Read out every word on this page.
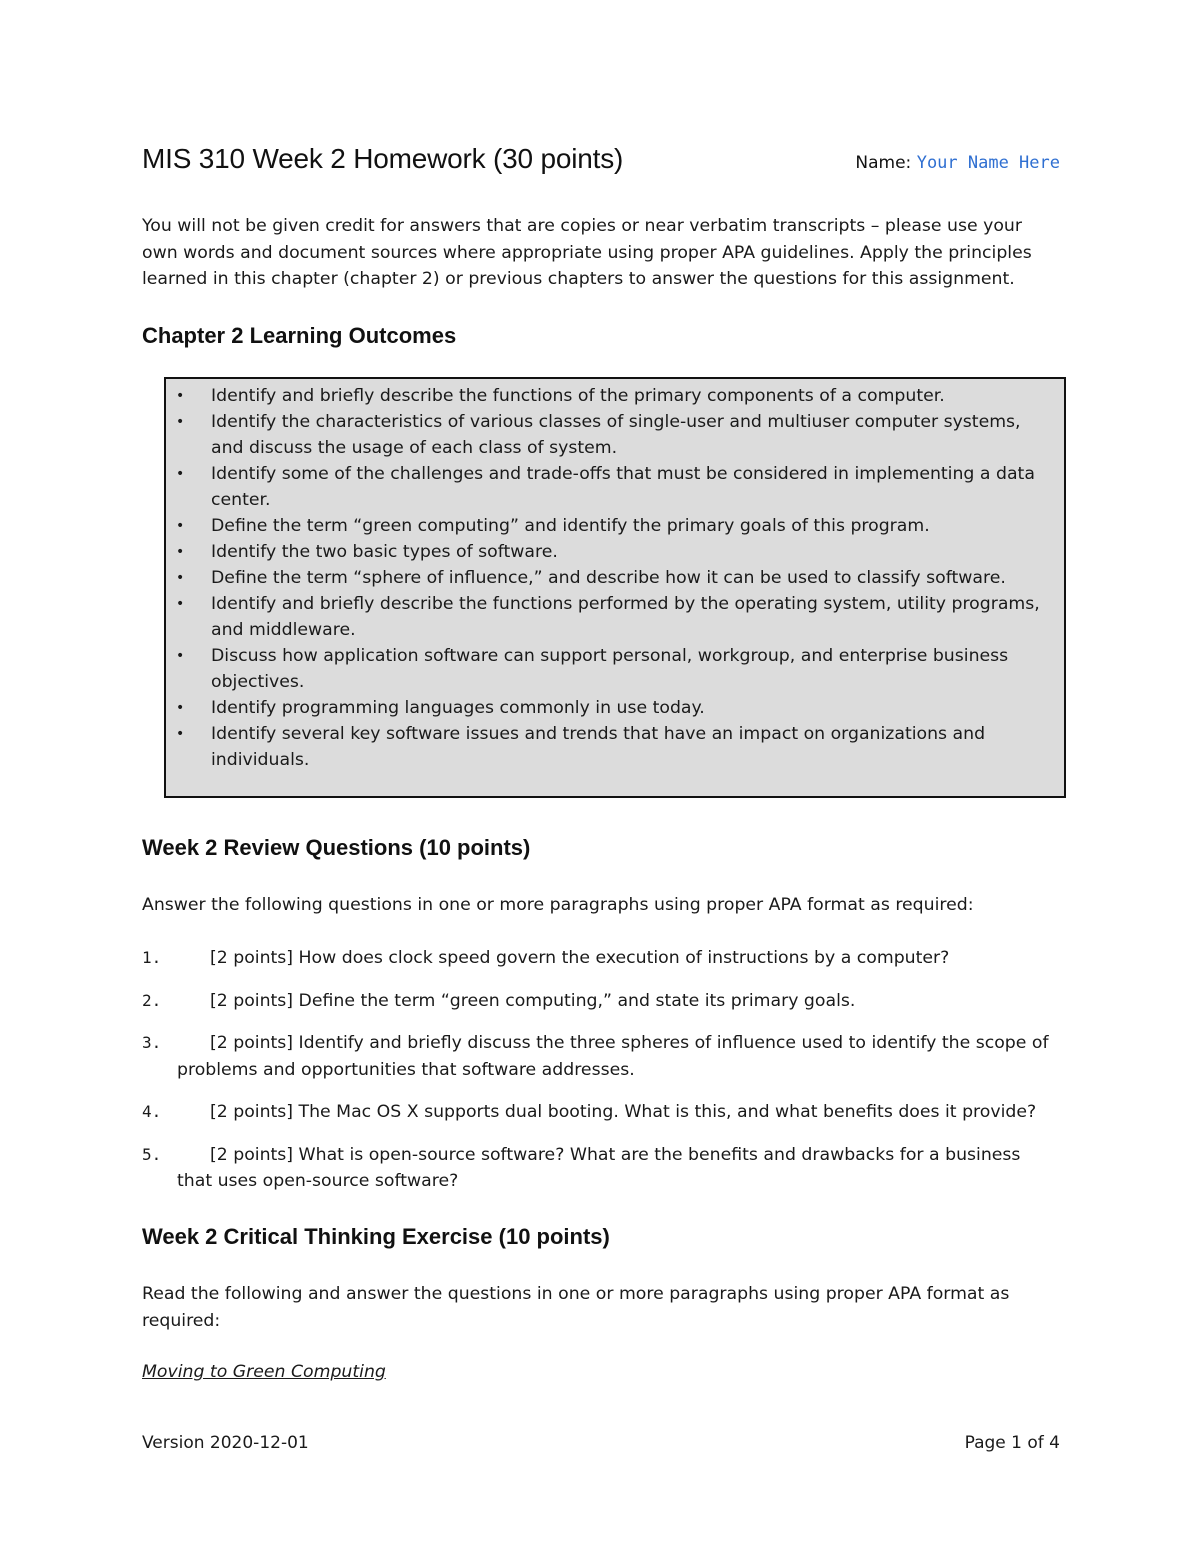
MIS 310 Week 2 Homework (30 points)	Name: Your Name Here

You will not be given credit for answers that are copies or near verbatim transcripts – please use your own words and document sources where appropriate using proper APA guidelines. Apply the principles learned in this chapter (chapter 2) or previous chapters to answer the questions for this assignment.

Chapter 2 Learning Outcomes
• Identify and briefly describe the functions of the primary components of a computer.
• Identify the characteristics of various classes of single-user and multiuser computer systems, and discuss the usage of each class of system.
• Identify some of the challenges and trade-offs that must be considered in implementing a data center.
• Define the term “green computing” and identify the primary goals of this program.
• Identify the two basic types of software.
• Define the term “sphere of influence,” and describe how it can be used to classify software.
• Identify and briefly describe the functions performed by the operating system, utility programs, and middleware.
• Discuss how application software can support personal, workgroup, and enterprise business objectives.
• Identify programming languages commonly in use today.
• Identify several key software issues and trends that have an impact on organizations and individuals.
Week 2 Review Questions (10 points)

Answer the following questions in one or more paragraphs using proper APA format as required:

1.	[2 points] How does clock speed govern the execution of instructions by a computer?
2.	[2 points] Define the term “green computing,” and state its primary goals.
3.	[2 points] Identify and briefly discuss the three spheres of influence used to identify the scope of problems and opportunities that software addresses.
4.	[2 points] The Mac OS X supports dual booting. What is this, and what benefits does it provide?
5.	[2 points] What is open-source software? What are the benefits and drawbacks for a business that uses open-source software?
Week 2 Critical Thinking Exercise (10 points)

Read the following and answer the questions in one or more paragraphs using proper APA format as required:

Moving to Green Computing

Version 2020-12-01	Page 1 of 4
